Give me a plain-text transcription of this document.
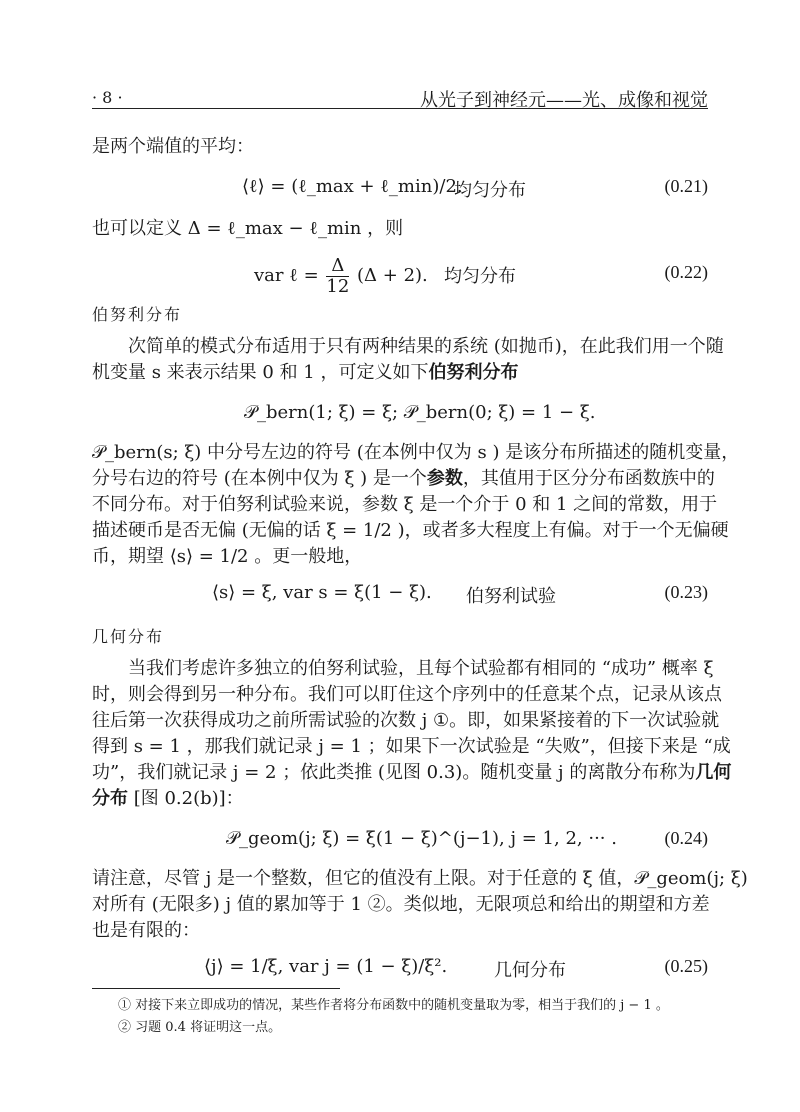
· 8 ·	从光子到神经元——光、成像和视觉
是两个端值的平均：
⟨ℓ⟩ = (ℓ_max + ℓ_min)/2.
均匀分布	(0.21)
也可以定义 Δ = ℓ_max − ℓ_min ，则
var ℓ = $\frac{\Delta}{12} (\Delta + 2)$. 均匀分布	(0.22)
伯努利分布
次简单的模式分布适用于只有两种结果的系统 (如抛币)，在此我们用一个随
机变量 s 来表示结果 0 和 1 ，可定义如下伯努利分布
𝒫_bern(1; ξ) = ξ; 𝒫_bern(0; ξ) = 1 − ξ.
𝒫_bern(s; ξ) 中分号左边的符号 (在本例中仅为 s ) 是该分布所描述的随机变量，
分号右边的符号 (在本例中仅为 ξ ) 是一个参数，其值用于区分分布函数族中的
不同分布。对于伯努利试验来说，参数 ξ 是一个介于 0 和 1 之间的常数，用于
描述硬币是否无偏 (无偏的话 ξ = 1/2 )，或者多大程度上有偏。对于一个无偏硬
币，期望 ⟨s⟩ = 1/2 。更一般地，
⟨s⟩ = ξ, var s = ξ(1 − ξ). 伯努利试验	(0.23)
几何分布
当我们考虑许多独立的伯努利试验，且每个试验都有相同的 “成功” 概率 ξ
时，则会得到另一种分布。我们可以盯住这个序列中的任意某个点，记录从该点
往后第一次获得成功之前所需试验的次数 j ①。即，如果紧接着的下一次试验就
得到 s = 1 ，那我们就记录 j = 1 ；如果下一次试验是 “失败”，但接下来是 “成
功”，我们就记录 j = 2 ；依此类推 (见图 0.3)。随机变量 j 的离散分布称为几何
分布 [图 0.2(b)]：
𝒫_geom(j; ξ) = ξ(1 − ξ)^(j−1), j = 1, 2, ··· .	(0.24)
请注意，尽管 j 是一个整数，但它的值没有上限。对于任意的 ξ 值，𝒫_geom(j; ξ)
对所有 (无限多) j 值的累加等于 1 ②。类似地，无限项总和给出的期望和方差
也是有限的：
⟨j⟩ = 1/ξ, var j = (1 − ξ)/ξ².	几何分布	(0.25)
① 对接下来立即成功的情况，某些作者将分布函数中的随机变量取为零，相当于我们的 j − 1 。
② 习题 0.4 将证明这一点。
